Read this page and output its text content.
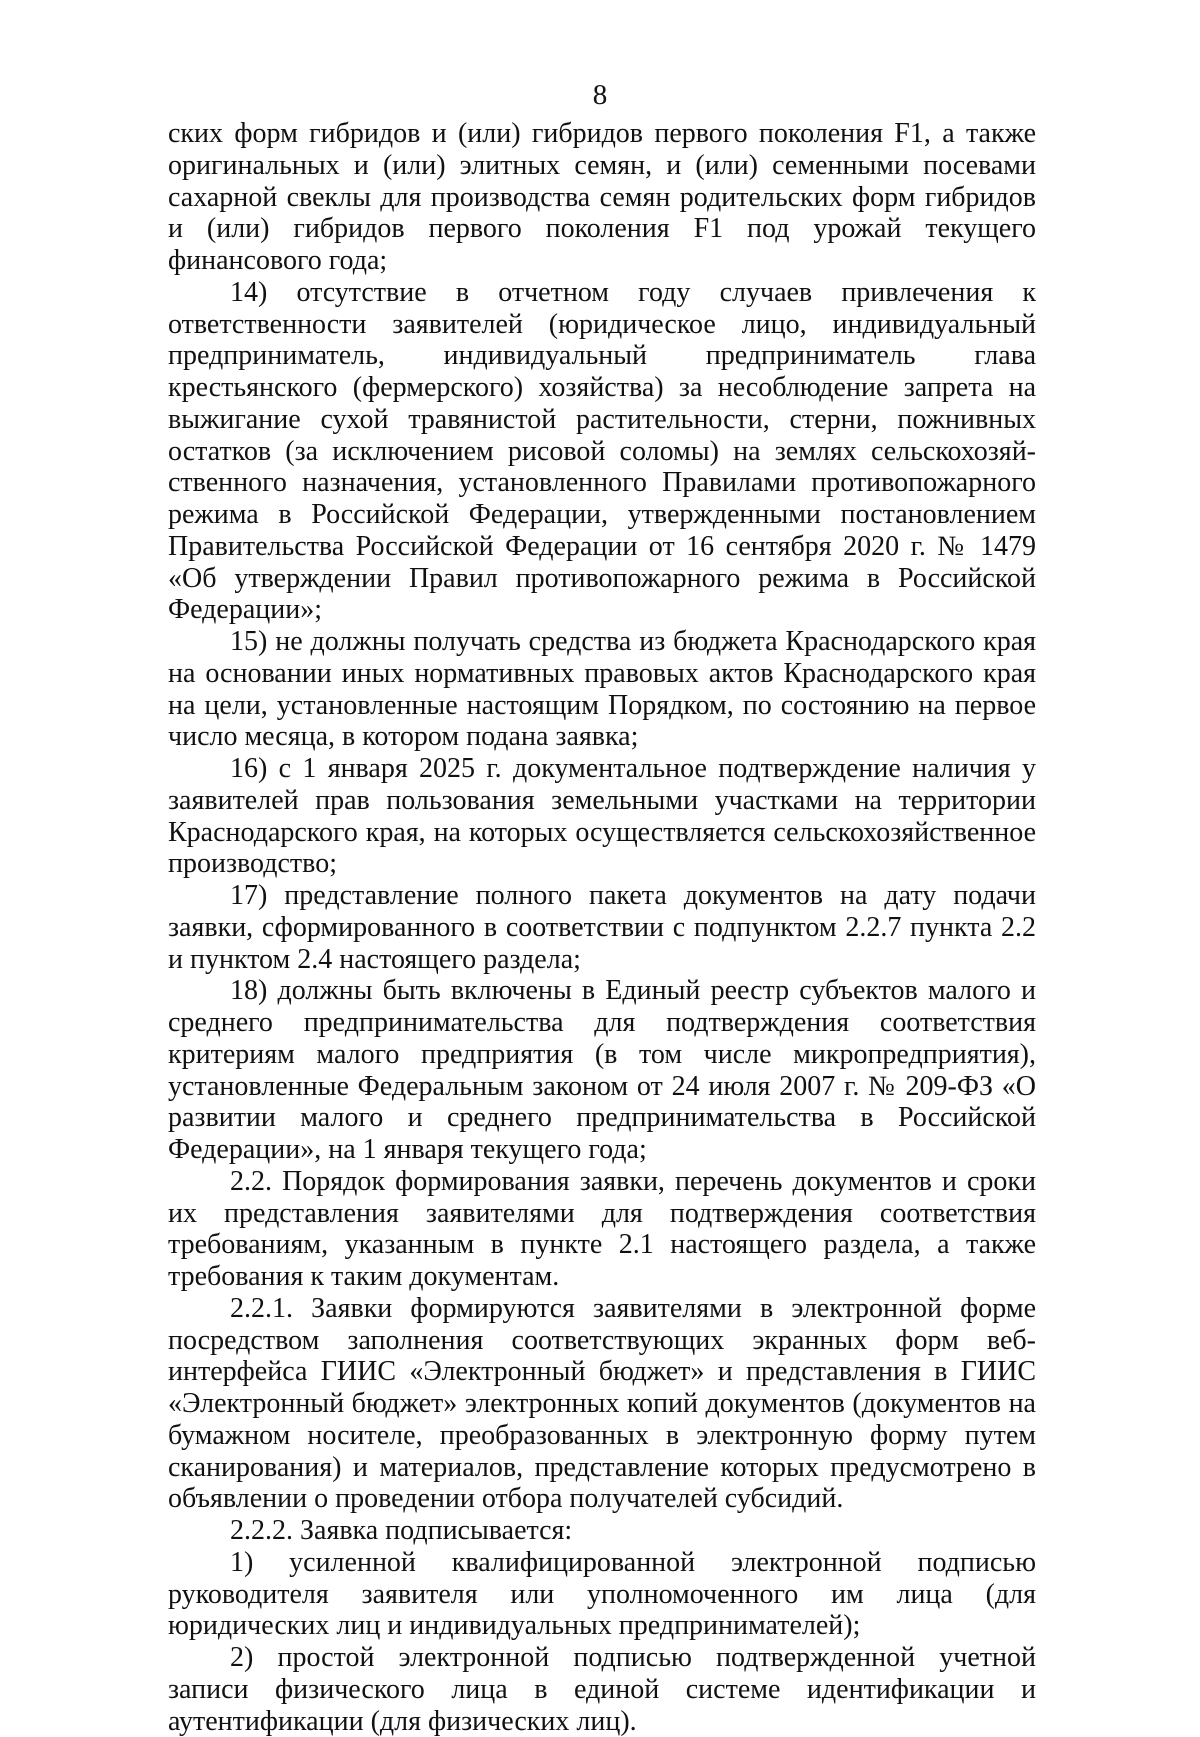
8

ских форм гибридов и (или) гибридов первого поколения F1, а также оригинальных и (или) элитных семян, и (или) семенными посевами сахарной свеклы для производства семян родительских форм гибридов и (или) гибридов первого поколения F1 под урожай текущего финансового года;

14) отсутствие в отчетном году случаев привлечения к ответственности заявителей (юридическое лицо, индивидуальный предприниматель, индивидуальный предприниматель глава крестьянского (фермерского) хозяйства) за несоблюдение запрета на выжигание сухой травянистой растительности, стерни, пожнивных остатков (за исключением рисовой соломы) на землях сельскохозяйственного назначения, установленного Правилами противопожарного режима в Российской Федерации, утвержденными постановлением Правительства Российской Федерации от 16 сентября 2020 г. № 1479 «Об утверждении Правил противопожарного режима в Российской Федерации»;

15) не должны получать средства из бюджета Краснодарского края на основании иных нормативных правовых актов Краснодарского края на цели, установленные настоящим Порядком, по состоянию на первое число месяца, в котором подана заявка;

16) с 1 января 2025 г. документальное подтверждение наличия у заявителей прав пользования земельными участками на территории Краснодарского края, на которых осуществляется сельскохозяйственное производство;

17) представление полного пакета документов на дату подачи заявки, сформированного в соответствии с подпунктом 2.2.7 пункта 2.2 и пунктом 2.4 настоящего раздела;

18) должны быть включены в Единый реестр субъектов малого и среднего предпринимательства для подтверждения соответствия критериям малого предприятия (в том числе микропредприятия), установленные Федеральным законом от 24 июля 2007 г. № 209-ФЗ «О развитии малого и среднего предпринимательства в Российской Федерации», на 1 января текущего года;

2.2. Порядок формирования заявки, перечень документов и сроки их представления заявителями для подтверждения соответствия требованиям, указанным в пункте 2.1 настоящего раздела, а также требования к таким документам.

2.2.1. Заявки формируются заявителями в электронной форме посредством заполнения соответствующих экранных форм веб-интерфейса ГИИС «Электронный бюджет» и представления в ГИИС «Электронный бюджет» электронных копий документов (документов на бумажном носителе, преобразованных в электронную форму путем сканирования) и материалов, представление которых предусмотрено в объявлении о проведении отбора получателей субсидий.

2.2.2. Заявка подписывается:

1) усиленной квалифицированной электронной подписью руководителя заявителя или уполномоченного им лица (для юридических лиц и индивидуальных предпринимателей);

2) простой электронной подписью подтвержденной учетной записи физического лица в единой системе идентификации и аутентификации (для физических лиц).
